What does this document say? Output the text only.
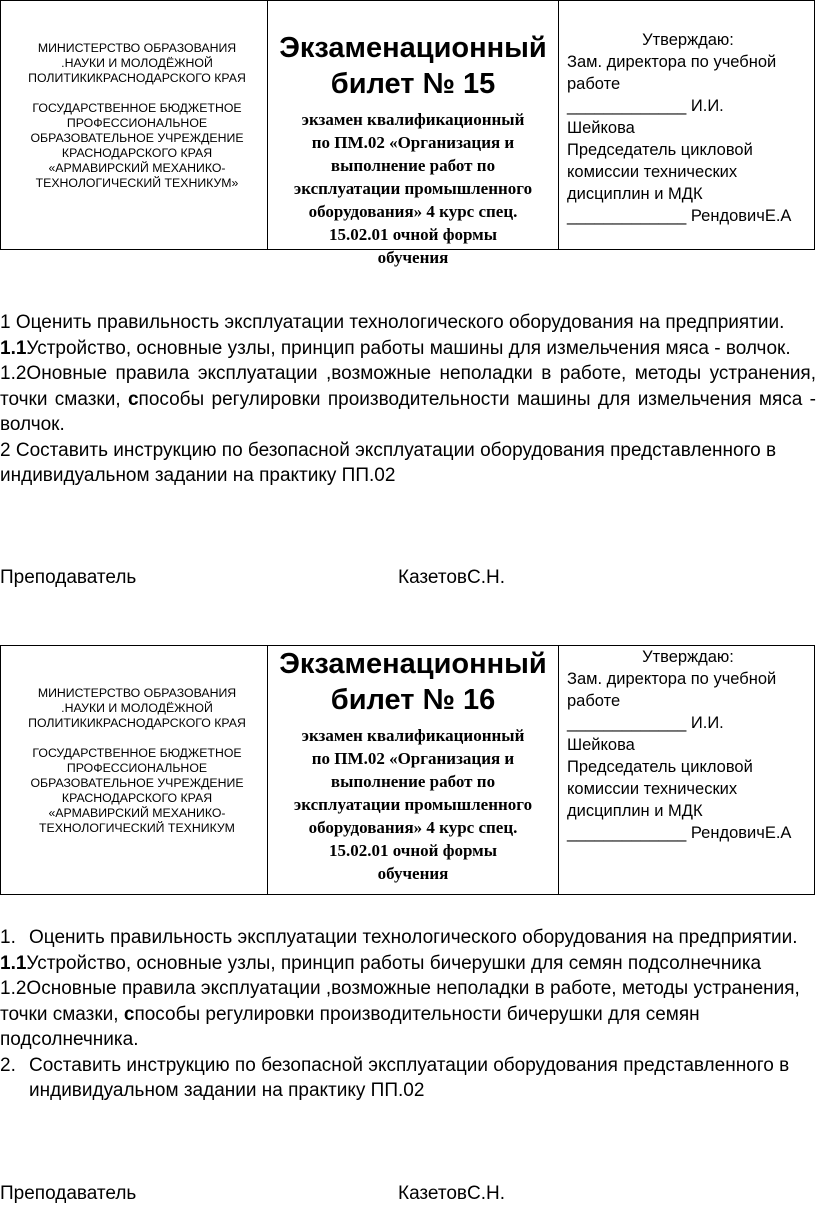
МИНИСТЕРСТВО ОБРАЗОВАНИЯ

.НАУКИ И МОЛОДЁЖНОЙ

ПОЛИТИКИКРАСНОДАРСКОГО КРАЯ

ГОСУДАРСТВЕННОЕ БЮДЖЕТНОЕ

ПРОФЕССИОНАЛЬНОЕ

ОБРАЗОВАТЕЛЬНОЕ УЧРЕЖДЕНИЕ

КРАСНОДАРСКОГО КРАЯ

«АРМАВИРСКИЙ МЕХАНИКО-

ТЕХНОЛОГИЧЕСКИЙ ТЕХНИКУМ»

Экзаменационный
билет № 15
экзамен квалификационный
по ПМ.02 «Организация и
выполнение работ по
эксплуатации промышленного
оборудования» 4 курс спец.
15.02.01 очной формы
обучения

Утверждаю:

Зам. директора по учебной

работе

_____________ И.И.

Шейкова

Председатель цикловой

комиссии технических

дисциплин и МДК

_____________ РендовичЕ.А

1 Оценить правильность эксплуатации технологического оборудования на предприятии.

1.1Устройство, основные узлы, принцип работы машины для измельчения мяса - волчок.

1.2Оновные правила эксплуатации ,возможные неполадки в работе, методы устранения, точки смазки, способы регулировки производительности машины для измельчения мяса - волчок.

2 Составить инструкцию по безопасной эксплуатации оборудования представленного в индивидуальном задании на практику ПП.02

Преподаватель	КазетовС.Н.

МИНИСТЕРСТВО ОБРАЗОВАНИЯ

.НАУКИ И МОЛОДЁЖНОЙ

ПОЛИТИКИКРАСНОДАРСКОГО КРАЯ

ГОСУДАРСТВЕННОЕ БЮДЖЕТНОЕ

ПРОФЕССИОНАЛЬНОЕ

ОБРАЗОВАТЕЛЬНОЕ УЧРЕЖДЕНИЕ

КРАСНОДАРСКОГО КРАЯ

«АРМАВИРСКИЙ МЕХАНИКО-

ТЕХНОЛОГИЧЕСКИЙ ТЕХНИКУМ

Экзаменационный
билет № 16
экзамен квалификационный
по ПМ.02 «Организация и
выполнение работ по
эксплуатации промышленного
оборудования» 4 курс спец.
15.02.01 очной формы
обучения

Утверждаю:

Зам. директора по учебной

работе

_____________ И.И.

Шейкова

Председатель цикловой

комиссии технических

дисциплин и МДК

_____________ РендовичЕ.А

1. Оценить правильность эксплуатации технологического оборудования на предприятии.

1.1Устройство, основные узлы, принцип работы бичерушки для семян подсолнечника

1.2Основные правила эксплуатации ,возможные неполадки в работе, методы устранения, точки смазки, способы регулировки производительности бичерушки для семян подсолнечника.

2. Составить инструкцию по безопасной эксплуатации оборудования представленного в индивидуальном задании на практику ПП.02

Преподаватель	КазетовС.Н.
